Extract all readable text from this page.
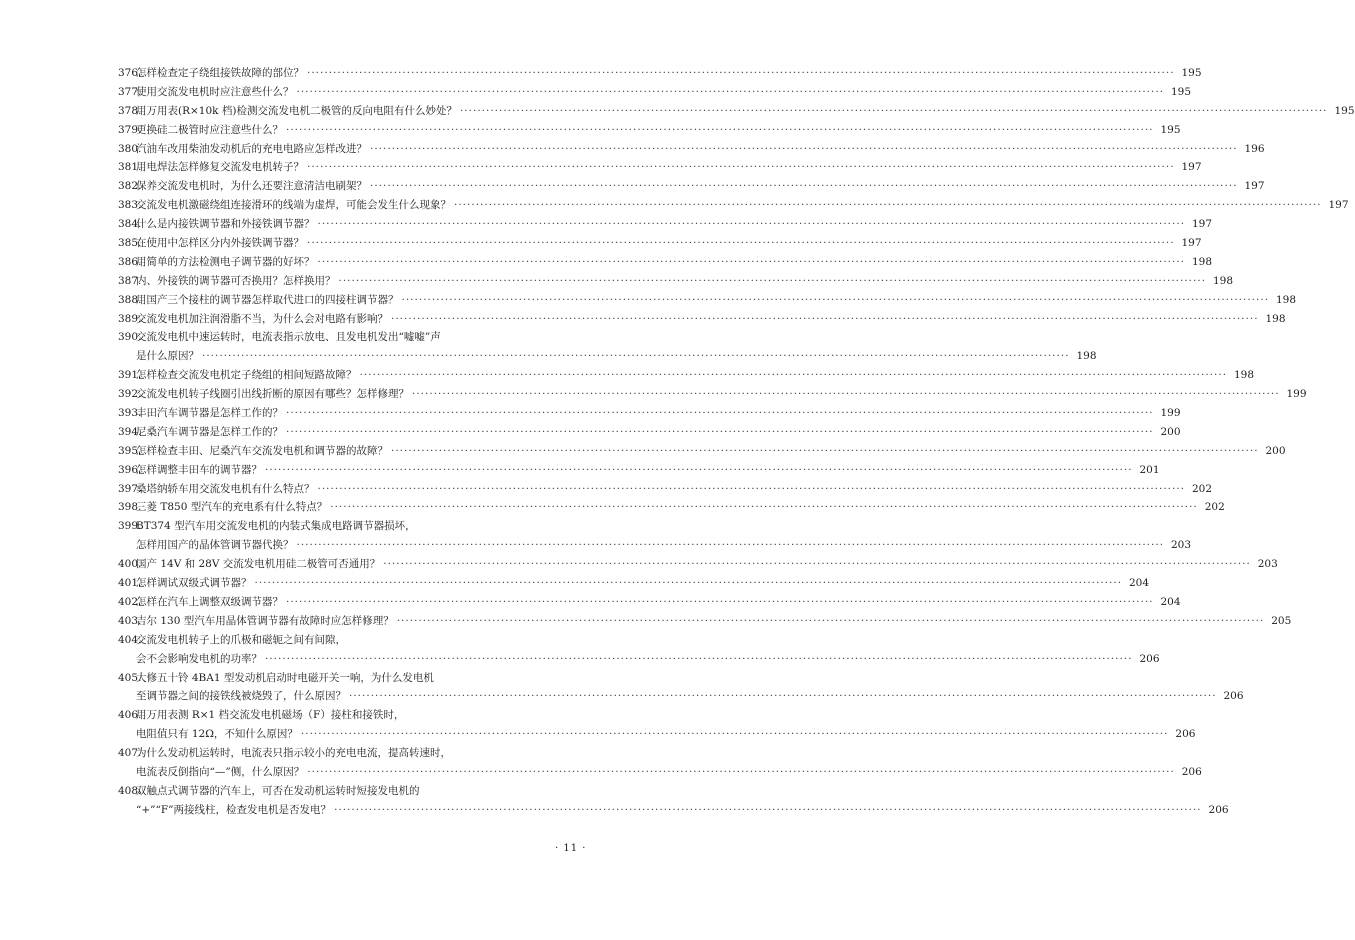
376.
怎样检查定子绕组接铁故障的部位？ ········································································································································································································ 195
377.
使用交流发电机时应注意些什么？ ········································································································································································································ 195
378.
用万用表(R×10k 档)检测交流发电机二极管的反向电阻有什么妙处？ ········································································································································································································ 195
379.
更换硅二极管时应注意些什么？ ········································································································································································································ 195
380.
汽油车改用柴油发动机后的充电电路应怎样改进？ ········································································································································································································ 196
381.
用电焊法怎样修复交流发电机转子？ ········································································································································································································ 197
382.
保养交流发电机时，为什么还要注意清洁电刷架？ ········································································································································································································ 197
383.
交流发电机激磁绕组连接滑环的线端为虚焊，可能会发生什么现象？ ········································································································································································································ 197
384.
什么是内接铁调节器和外接铁调节器？ ········································································································································································································ 197
385.
在使用中怎样区分内外接铁调节器？ ········································································································································································································ 197
386.
用简单的方法检测电子调节器的好坏？ ········································································································································································································ 198
387.
内、外接铁的调节器可否换用？怎样换用？ ········································································································································································································ 198
388.
用国产三个接柱的调节器怎样取代进口的四接柱调节器？ ········································································································································································································ 198
389.
交流发电机加注润滑脂不当，为什么会对电路有影响？ ········································································································································································································ 198
390.
交流发电机中速运转时，电流表指示放电、且发电机发出“嘘嘘”声
是什么原因？ ········································································································································································································ 198
391.
怎样检查交流发电机定子绕组的相间短路故障？ ········································································································································································································ 198
392.
交流发电机转子线圈引出线折断的原因有哪些？怎样修理？ ········································································································································································································ 199
393.
丰田汽车调节器是怎样工作的？ ········································································································································································································ 199
394.
尼桑汽车调节器是怎样工作的？ ········································································································································································································ 200
395.
怎样检查丰田、尼桑汽车交流发电机和调节器的故障？ ········································································································································································································ 200
396.
怎样调整丰田车的调节器？ ········································································································································································································ 201
397.
桑塔纳轿车用交流发电机有什么特点？ ········································································································································································································ 202
398.
三菱 T850 型汽车的充电系有什么特点？ ········································································································································································································ 202
399.
BT374 型汽车用交流发电机的内装式集成电路调节器损坏，
怎样用国产的晶体管调节器代换？ ········································································································································································································ 203
400.
国产 14V 和 28V 交流发电机用硅二极管可否通用？ ········································································································································································································ 203
401.
怎样调试双级式调节器？ ········································································································································································································ 204
402.
怎样在汽车上调整双级调节器？ ········································································································································································································ 204
403.
吉尔 130 型汽车用晶体管调节器有故障时应怎样修理？ ········································································································································································································ 205
404.
交流发电机转子上的爪极和磁轭之间有间隙，
会不会影响发电机的功率？ ········································································································································································································ 206
405.
大修五十铃 4BA1 型发动机启动时电磁开关一响，为什么发电机
至调节器之间的接铁线被烧毁了，什么原因？ ········································································································································································································ 206
406.
用万用表测 R×1 档交流发电机磁场（F）接柱和接铁时，
电阻值只有 12Ω，不知什么原因？ ········································································································································································································ 206
407.
为什么发动机运转时，电流表只指示较小的充电电流，提高转速时，
电流表反倒指向“—”侧，什么原因？ ········································································································································································································ 206
408.
双触点式调节器的汽车上，可否在发动机运转时短接发电机的
“+”“F”两接线柱，检查发电机是否发电？ ········································································································································································································ 206
· 11 ·
